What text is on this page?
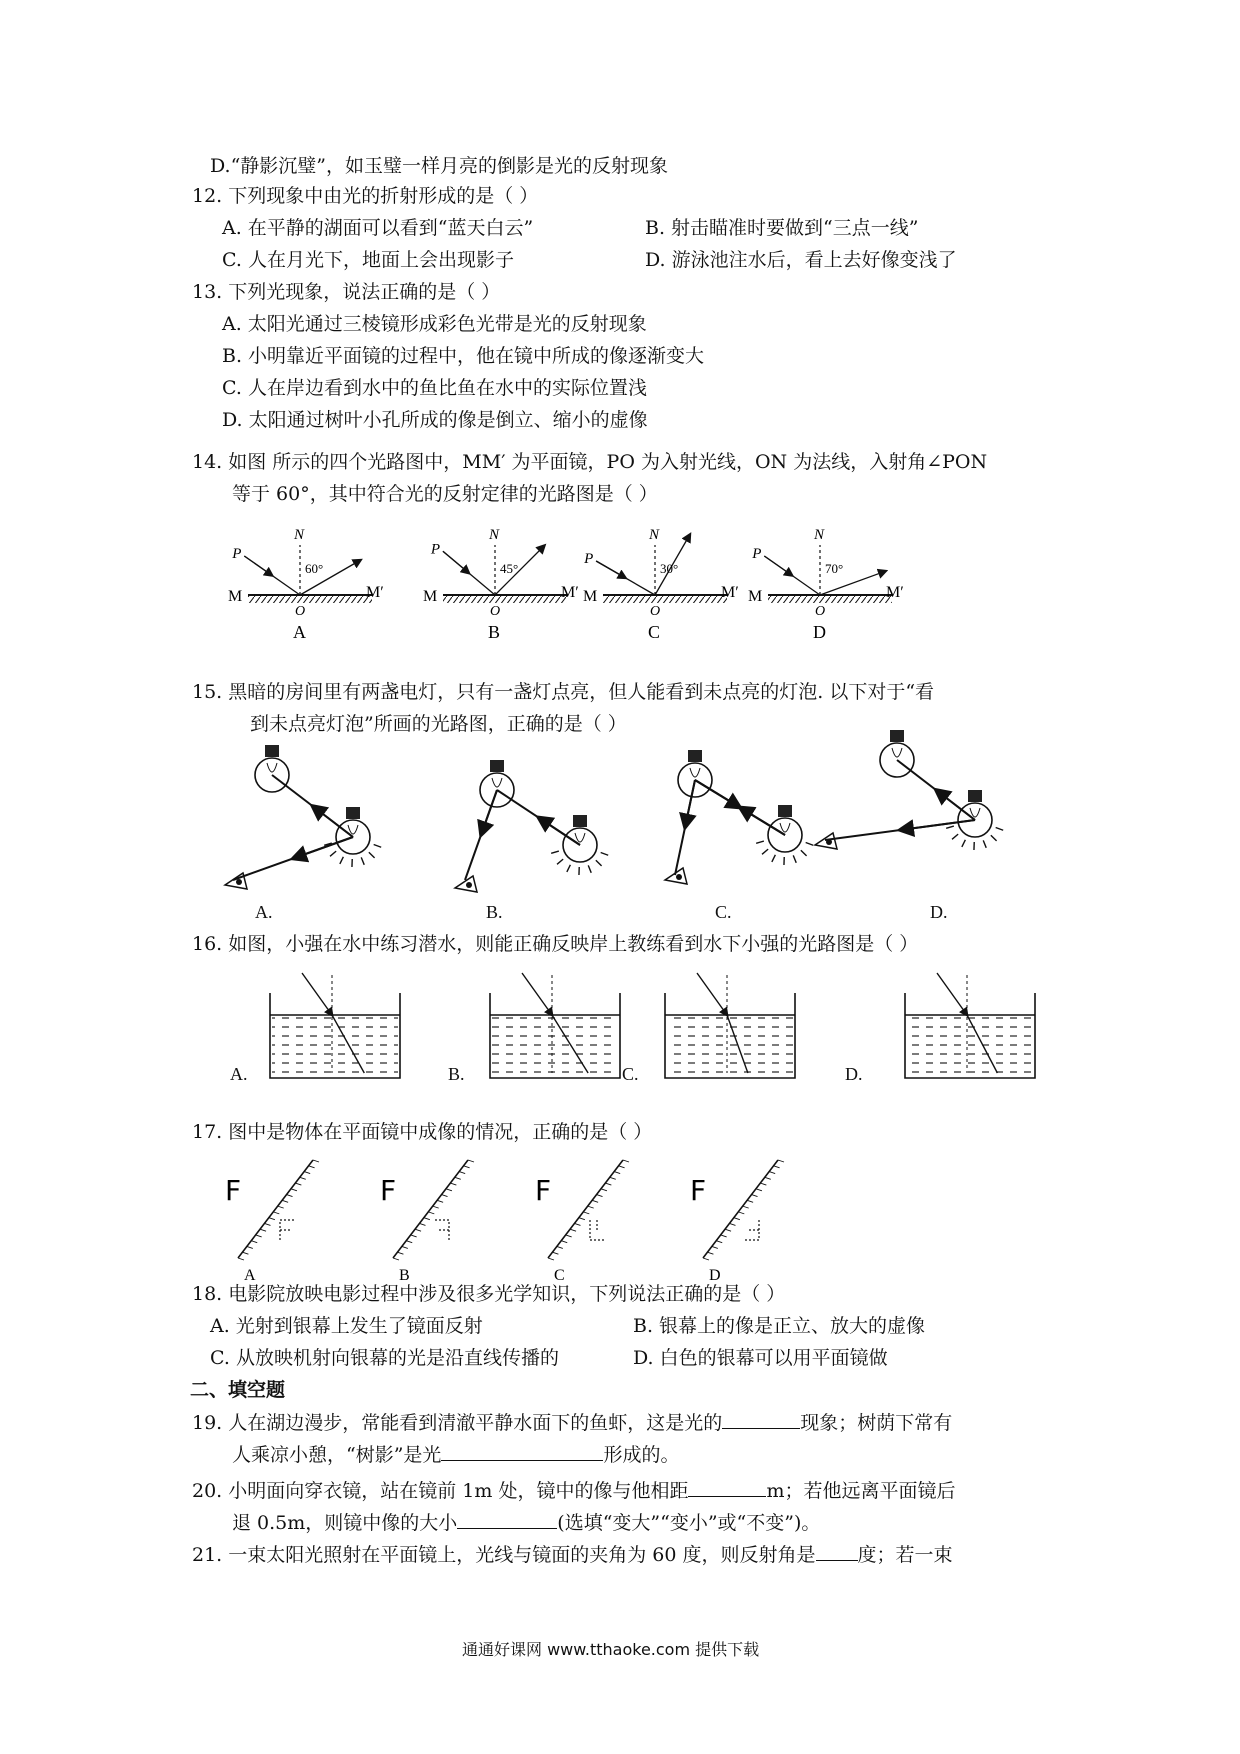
D.“静影沉璧”，如玉璧一样月亮的倒影是光的反射现象
12. 下列现象中由光的折射形成的是（ ）
A. 在平静的湖面可以看到“蓝天白云”	B. 射击瞄准时要做到“三点一线”
C. 人在月光下，地面上会出现影子	D. 游泳池注水后，看上去好像变浅了
13. 下列光现象，说法正确的是（ ）
A. 太阳光通过三棱镜形成彩色光带是光的反射现象
B. 小明靠近平面镜的过程中，他在镜中所成的像逐渐变大
C. 人在岸边看到水中的鱼比鱼在水中的实际位置浅
D. 太阳通过树叶小孔所成的像是倒立、缩小的虚像
14. 如图 所示的四个光路图中，MM′ 为平面镜，PO 为入射光线，ON 为法线，入射角∠PON
等于 60°，其中符合光的反射定律的光路图是（ ）
P
N
O
M	M′
60°
A
P
N
O
M	M′
45°
B
P
N
O
M	M′
30°
C
P
N
O
M	M′
70°
D
15. 黑暗的房间里有两盏电灯，只有一盏灯点亮，但人能看到未点亮的灯泡. 以下对于“看
到未点亮灯泡”所画的光路图，正确的是（ ）
A.	B.	C.	D.
16. 如图，小强在水中练习潜水，则能正确反映岸上教练看到水下小强的光路图是（ ）
A.	B.	C.	D.
17. 图中是物体在平面镜中成像的情况，正确的是（ ）
F
A
F
B
F
C
F
D
18. 电影院放映电影过程中涉及很多光学知识，下列说法正确的是（ ）
A. 光射到银幕上发生了镜面反射	B. 银幕上的像是正立、放大的虚像
C. 从放映机射向银幕的光是沿直线传播的	D. 白色的银幕可以用平面镜做
二、填空题
19. 人在湖边漫步，常能看到清澈平静水面下的鱼虾，这是光的	现象；树荫下常有
人乘凉小憩，“树影”是光	形成的。
20. 小明面向穿衣镜，站在镜前 1m 处，镜中的像与他相距	m；若他远离平面镜后
退 0.5m，则镜中像的大小	(选填“变大”“变小”或“不变”)。
21. 一束太阳光照射在平面镜上，光线与镜面的夹角为 60 度，则反射角是 度；若一束
通通好课网 www.tthaoke.com 提供下载
